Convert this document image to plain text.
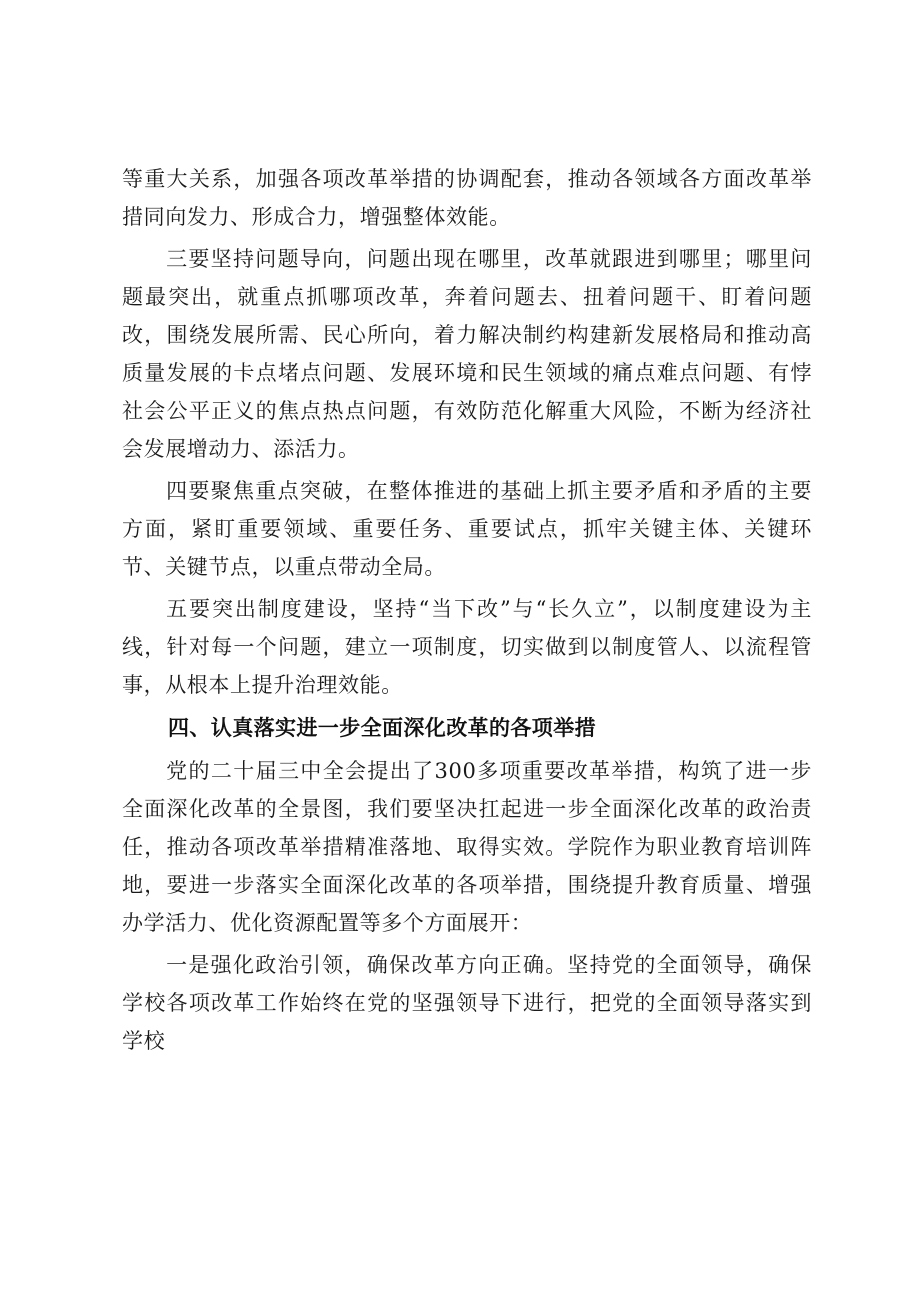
等重大关系，加强各项改革举措的协调配套，推动各领域各方面改革举措同向发力、形成合力，增强整体效能。

三要坚持问题导向，问题出现在哪里，改革就跟进到哪里；哪里问题最突出，就重点抓哪项改革，奔着问题去、扭着问题干、盯着问题改，围绕发展所需、民心所向，着力解决制约构建新发展格局和推动高质量发展的卡点堵点问题、发展环境和民生领域的痛点难点问题、有悖社会公平正义的焦点热点问题，有效防范化解重大风险，不断为经济社会发展增动力、添活力。

四要聚焦重点突破，在整体推进的基础上抓主要矛盾和矛盾的主要方面，紧盯重要领域、重要任务、重要试点，抓牢关键主体、关键环节、关键节点，以重点带动全局。

五要突出制度建设，坚持“当下改”与“长久立”，以制度建设为主线，针对每一个问题，建立一项制度，切实做到以制度管人、以流程管事，从根本上提升治理效能。

四、认真落实进一步全面深化改革的各项举措

党的二十届三中全会提出了300多项重要改革举措，构筑了进一步全面深化改革的全景图，我们要坚决扛起进一步全面深化改革的政治责任，推动各项改革举措精准落地、取得实效。学院作为职业教育培训阵地，要进一步落实全面深化改革的各项举措，围绕提升教育质量、增强办学活力、优化资源配置等多个方面展开：

一是强化政治引领，确保改革方向正确。坚持党的全面领导，确保学校各项改革工作始终在党的坚强领导下进行，把党的全面领导落实到学校
